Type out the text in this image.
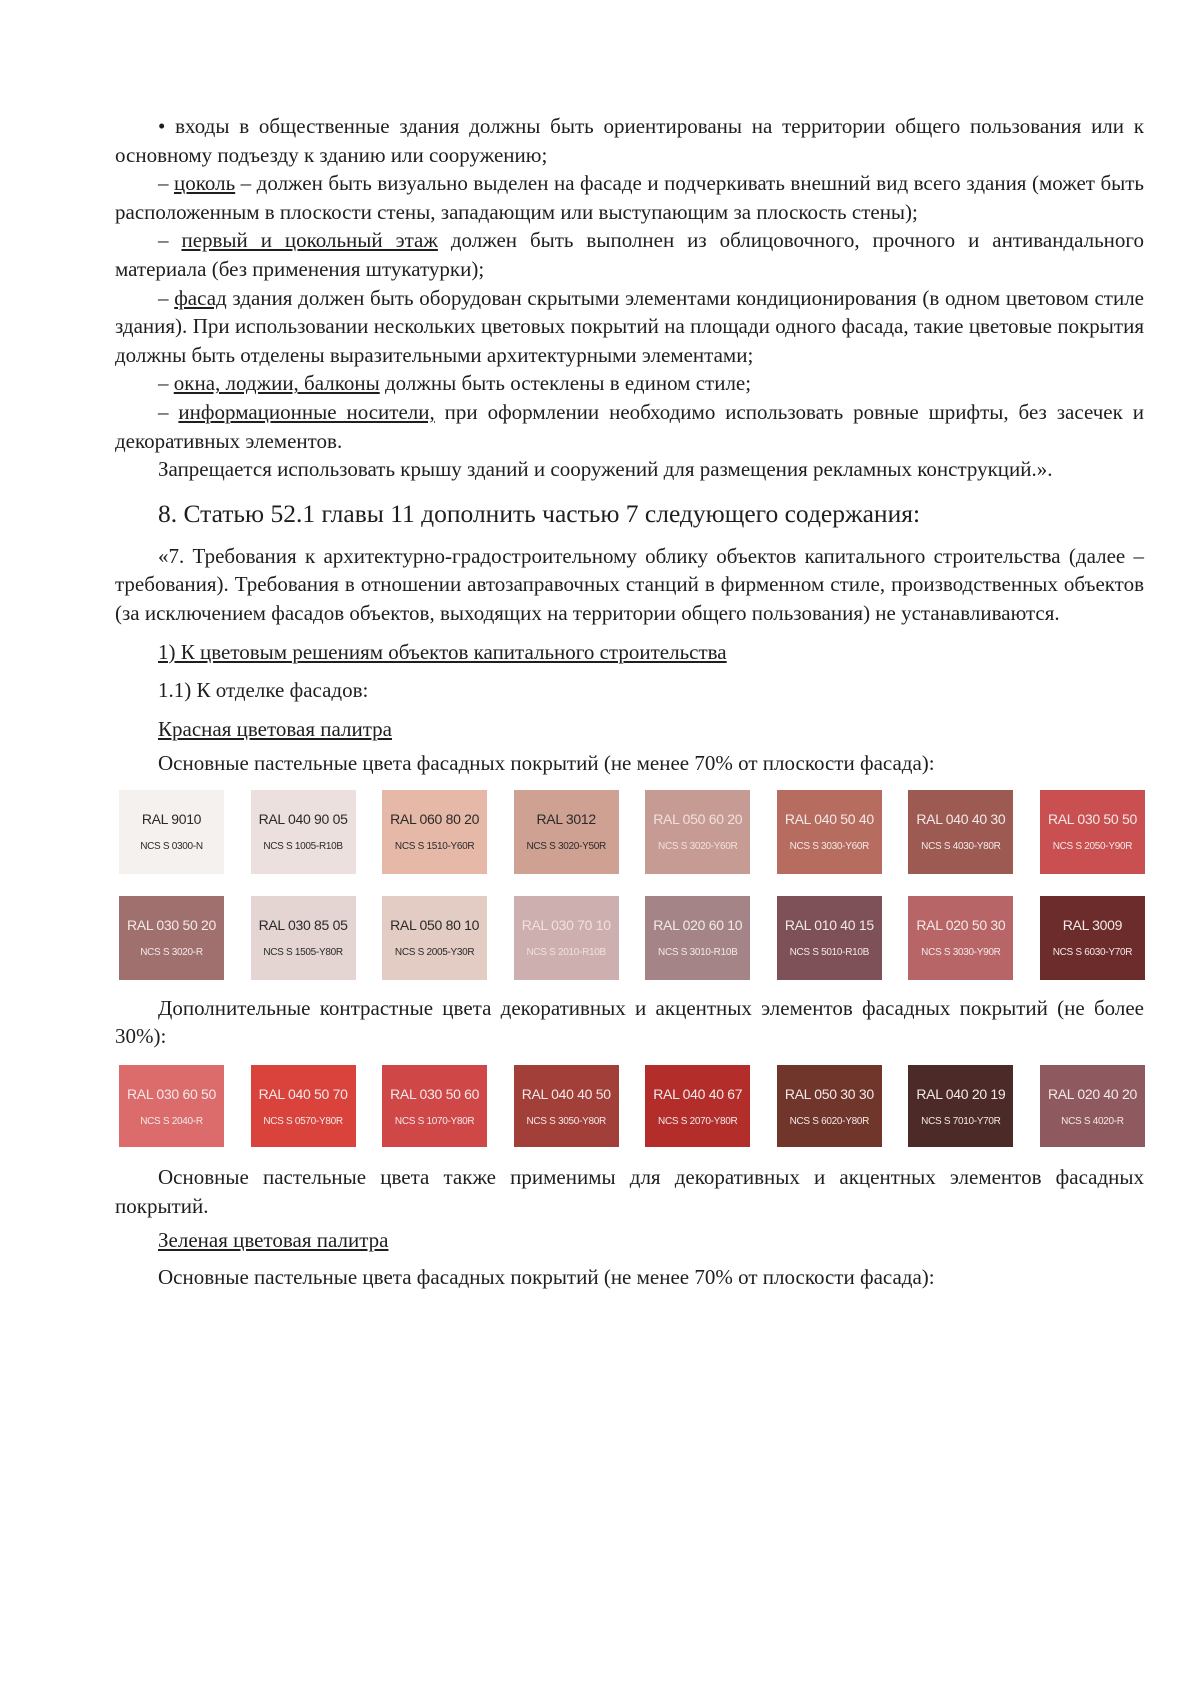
• входы в общественные здания должны быть ориентированы на территории общего пользования или к основному подъезду к зданию или сооружению;

– цоколь – должен быть визуально выделен на фасаде и подчеркивать внешний вид всего здания (может быть расположенным в плоскости стены, западающим или выступающим за плоскость стены);

– первый и цокольный этаж должен быть выполнен из облицовочного, прочного и антивандального материала (без применения штукатурки);

– фасад здания должен быть оборудован скрытыми элементами кондиционирования (в одном цветовом стиле здания). При использовании нескольких цветовых покрытий на площади одного фасада, такие цветовые покрытия должны быть отделены выразительными архитектурными элементами;

– окна, лоджии, балконы должны быть остеклены в едином стиле;

– информационные носители, при оформлении необходимо использовать ровные шрифты, без засечек и декоративных элементов.

Запрещается использовать крышу зданий и сооружений для размещения рекламных конструкций.».

8. Статью 52.1 главы 11 дополнить частью 7 следующего содержания:

«7. Требования к архитектурно-градостроительному облику объектов капитального строительства (далее – требования). Требования в отношении автозаправочных станций в фирменном стиле, производственных объектов (за исключением фасадов объектов, выходящих на территории общего пользования) не устанавливаются.

1) К цветовым решениям объектов капитального строительства

1.1) К отделке фасадов:

Красная цветовая палитра

Основные пастельные цвета фасадных покрытий (не менее 70% от плоскости фасада):

RAL 9010
NCS S 0300-N
RAL 040 90 05
NCS S 1005-R10B
RAL 060 80 20
NCS S 1510-Y60R
RAL 3012
NCS S 3020-Y50R
RAL 050 60 20
NCS S 3020-Y60R
RAL 040 50 40
NCS S 3030-Y60R
RAL 040 40 30
NCS S 4030-Y80R
RAL 030 50 50
NCS S 2050-Y90R
RAL 030 50 20
NCS S 3020-R
RAL 030 85 05
NCS S 1505-Y80R
RAL 050 80 10
NCS S 2005-Y30R
RAL 030 70 10
NCS S 2010-R10B
RAL 020 60 10
NCS S 3010-R10B
RAL 010 40 15
NCS S 5010-R10B
RAL 020 50 30
NCS S 3030-Y90R
RAL 3009
NCS S 6030-Y70R

Дополнительные контрастные цвета декоративных и акцентных элементов фасадных покрытий (не более 30%):

RAL 030 60 50
NCS S 2040-R
RAL 040 50 70
NCS S 0570-Y80R
RAL 030 50 60
NCS S 1070-Y80R
RAL 040 40 50
NCS S 3050-Y80R
RAL 040 40 67
NCS S 2070-Y80R
RAL 050 30 30
NCS S 6020-Y80R
RAL 040 20 19
NCS S 7010-Y70R
RAL 020 40 20
NCS S 4020-R

Основные пастельные цвета также применимы для декоративных и акцентных элементов фасадных покрытий.

Зеленая цветовая палитра

Основные пастельные цвета фасадных покрытий (не менее 70% от плоскости фасада):
